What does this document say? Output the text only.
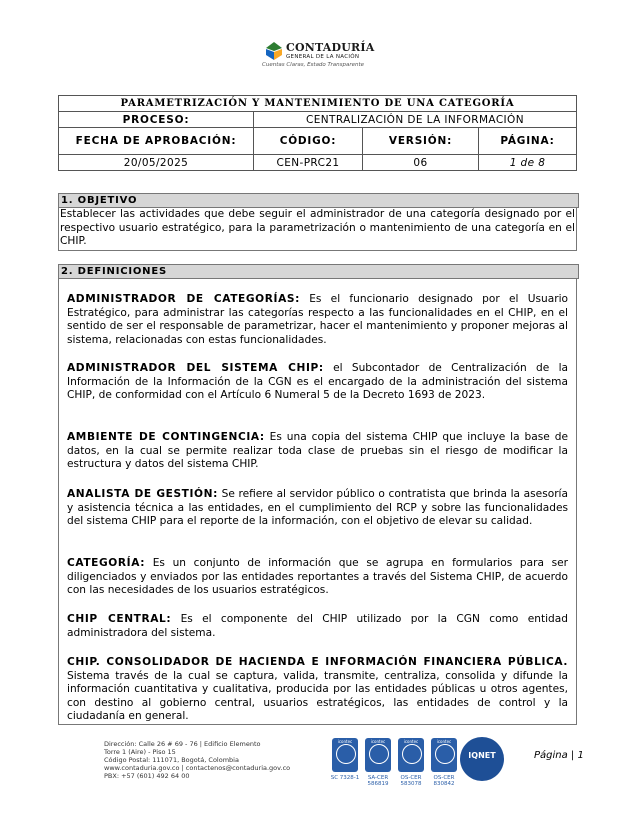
CONTADURÍA
GENERAL DE LA NACIÓN
Cuentas Claras, Estado Transparente
PARAMETRIZACIÓN Y MANTENIMIENTO DE UNA CATEGORÍA			
PROCESO:	CENTRALIZACIÓN DE LA INFORMACIÓN		
FECHA DE APROBACIÓN:	CÓDIGO:	VERSIÓN:	PÁGINA:
20/05/2025	CEN-PRC21	06	1 de 8
1. OBJETIVO
Establecer las actividades que debe seguir el administrador de una categoría designado por el respectivo usuario estratégico, para la parametrización o mantenimiento de una categoría en el CHIP.
2. DEFINICIONES
ADMINISTRADOR DE CATEGORÍAS: Es el funcionario designado por el Usuario Estratégico, para administrar las categorías respecto a las funcionalidades en el CHIP, en el sentido de ser el responsable de parametrizar, hacer el mantenimiento y proponer mejoras al sistema, relacionadas con estas funcionalidades.
ADMINISTRADOR DEL SISTEMA CHIP: el Subcontador de Centralización de la Información de la Información de la CGN es el encargado de la administración del sistema CHIP, de conformidad con el Artículo 6 Numeral 5 de la Decreto 1693 de 2023.
AMBIENTE DE CONTINGENCIA: Es una copia del sistema CHIP que incluye la base de datos, en la cual se permite realizar toda clase de pruebas sin el riesgo de modificar la estructura y datos del sistema CHIP.
ANALISTA DE GESTIÓN: Se refiere al servidor público o contratista que brinda la asesoría y asistencia técnica a las entidades, en el cumplimiento del RCP y sobre las funcionalidades del sistema CHIP para el reporte de la información, con el objetivo de elevar su calidad.
CATEGORÍA: Es un conjunto de información que se agrupa en formularios para ser diligenciados y enviados por las entidades reportantes a través del Sistema CHIP, de acuerdo con las necesidades de los usuarios estratégicos.
CHIP CENTRAL: Es el componente del CHIP utilizado por la CGN como entidad administradora del sistema.
CHIP. CONSOLIDADOR DE HACIENDA E INFORMACIÓN FINANCIERA PÚBLICA. Sistema través de la cual se captura, valida, transmite, centraliza, consolida y difunde la información cuantitativa y cualitativa, producida por las entidades públicas u otros agentes, con destino al gobierno central, usuarios estratégicos, las entidades de control y la ciudadanía en general.
Dirección: Calle 26 # 69 - 76 | Edificio Elemento
Torre 1 (Aire) - Piso 15
Código Postal: 111071, Bogotá, Colombia
www.contaduria.gov.co | contactenos@contaduria.gov.co
PBX: +57 (601) 492 64 00
icontec	icontec	icontec	icontec
SC 7328-1	SA-CER 586819
OS-CER 583078
OS-CER 830842
IQNET	Página | 1
